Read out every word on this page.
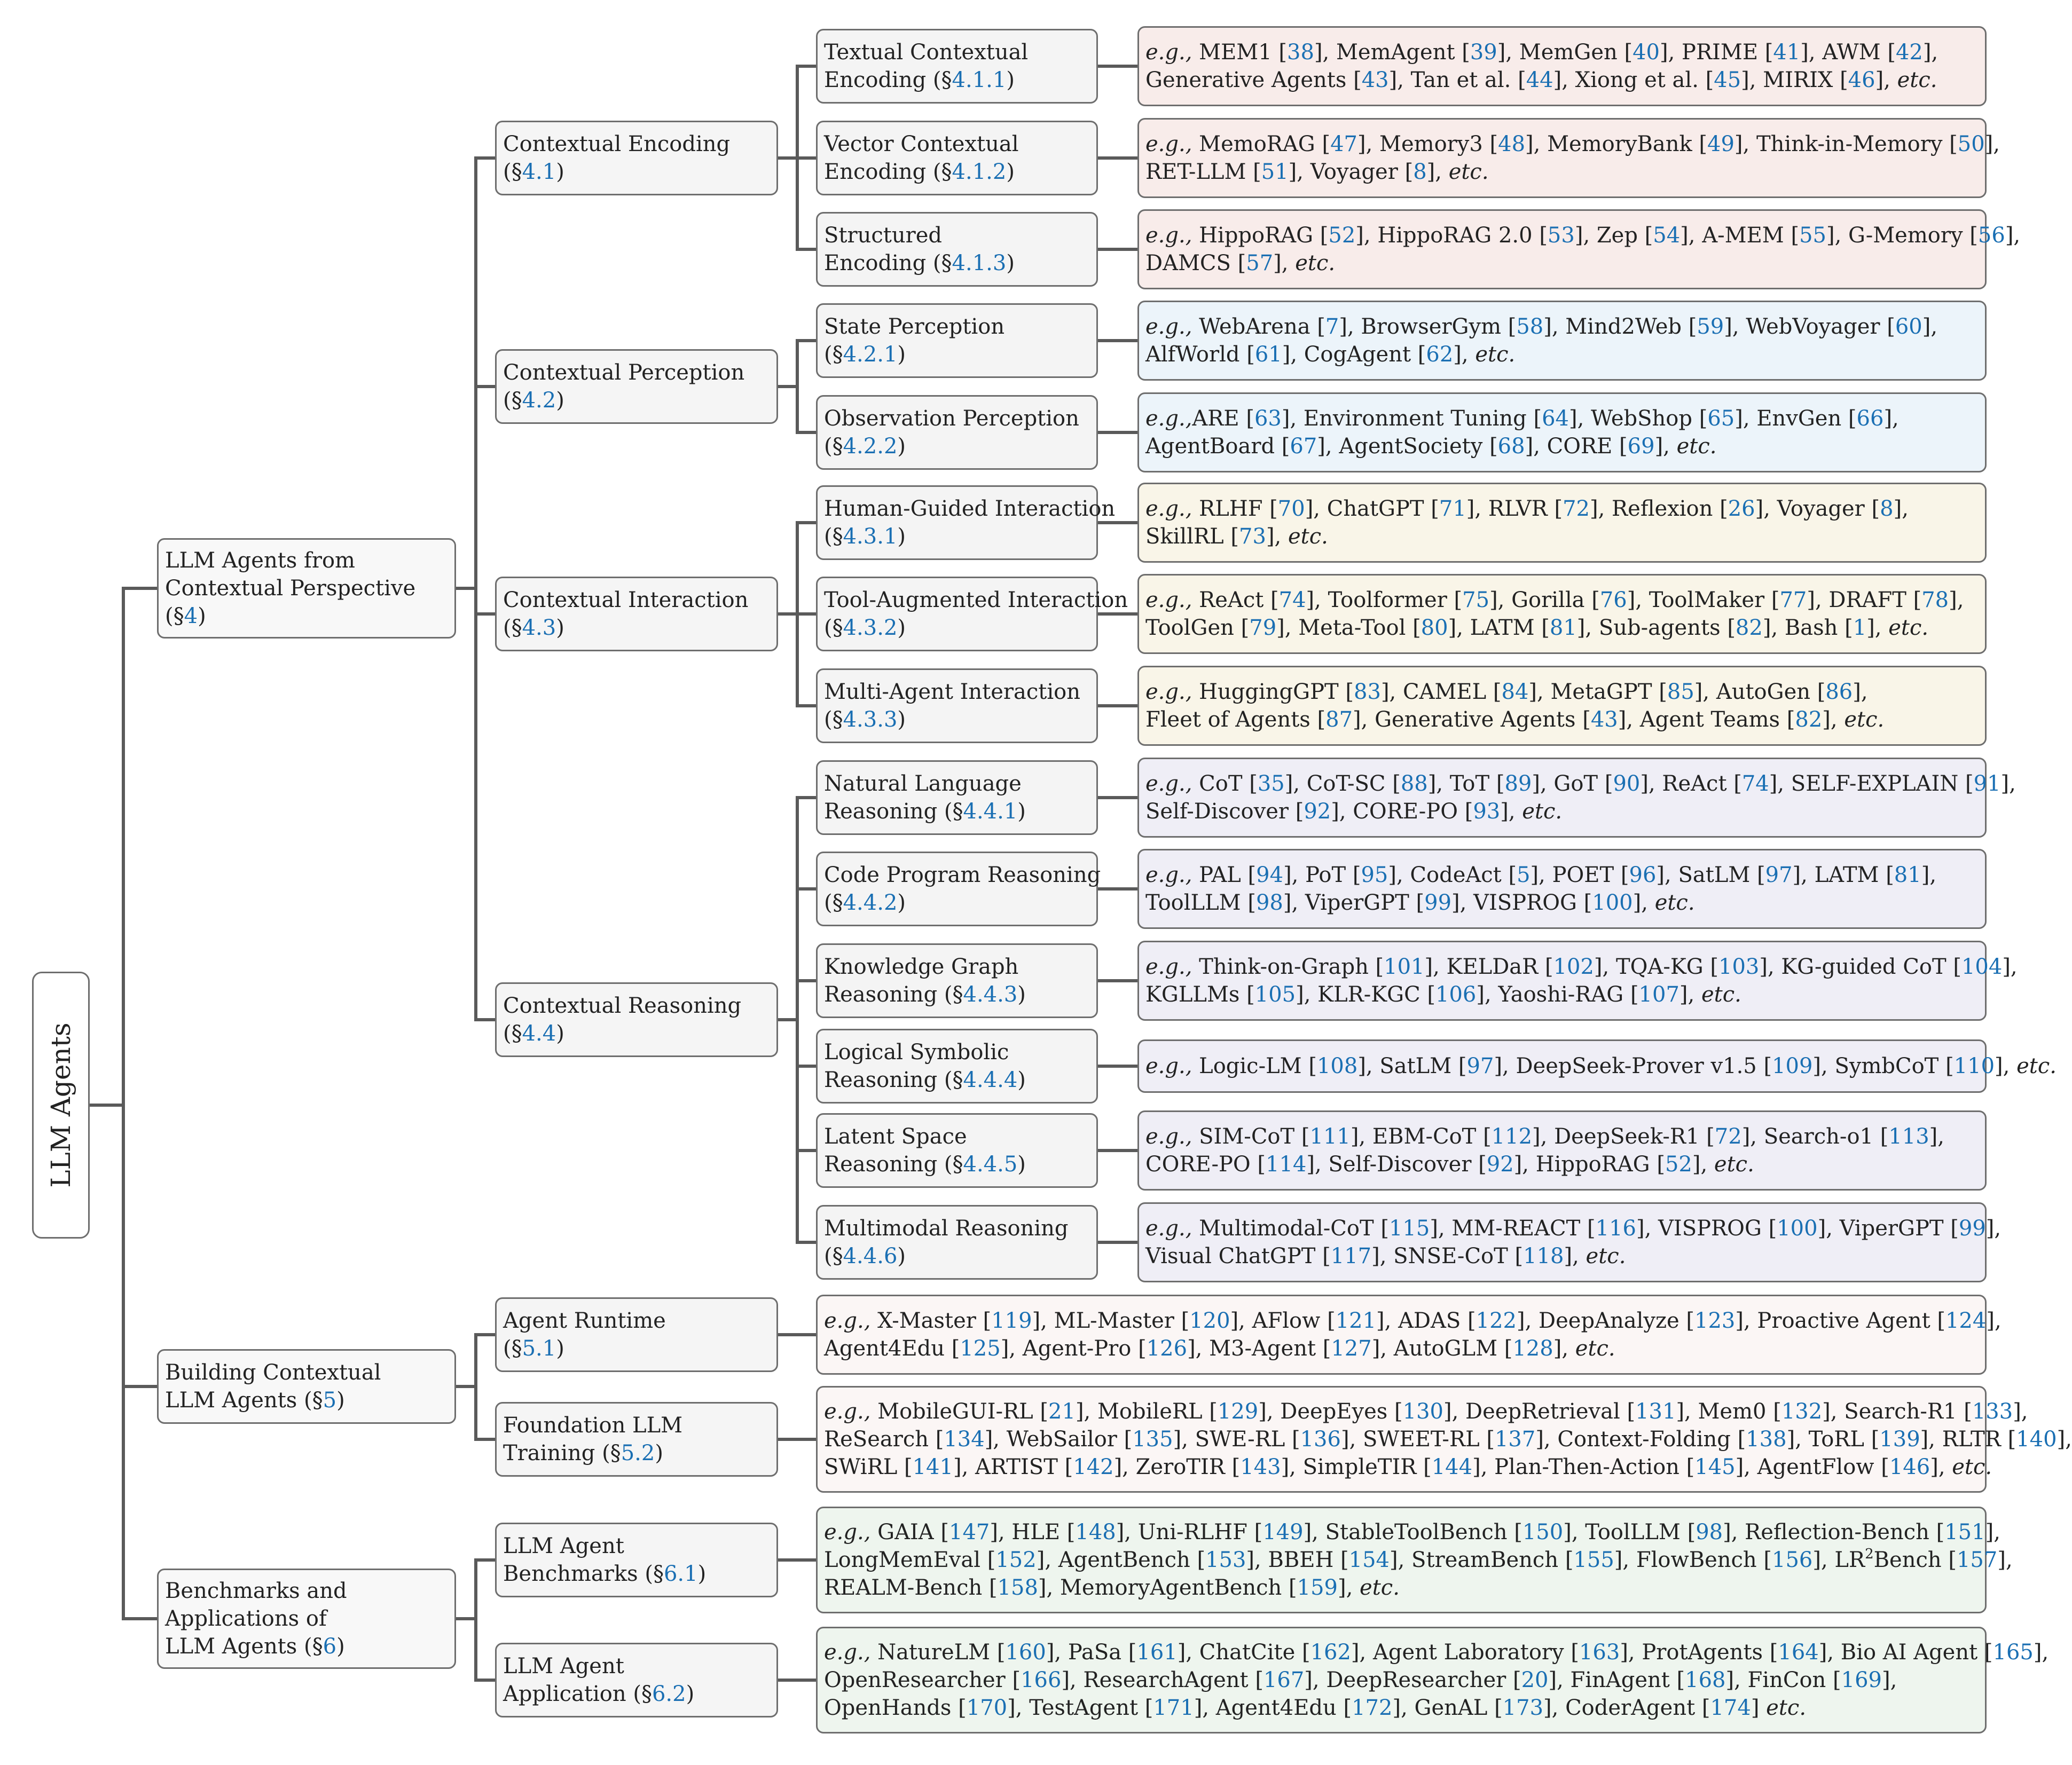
LLM Agents
LLM Agents from
Contextual Perspective
(§4)
Contextual Encoding
(§4.1)
Textual Contextual
Encoding (§4.1.1)
e.g., MEM1 [38], MemAgent [39], MemGen [40], PRIME [41], AWM [42],
Generative Agents [43], Tan et al. [44], Xiong et al. [45], MIRIX [46], etc.
Vector Contextual
Encoding (§4.1.2)
e.g., MemoRAG [47], Memory3 [48], MemoryBank [49], Think-in-Memory [50],
RET-LLM [51], Voyager [8], etc.
Structured
Encoding (§4.1.3)
e.g., HippoRAG [52], HippoRAG 2.0 [53], Zep [54], A-MEM [55], G-Memory [56],
DAMCS [57], etc.
Contextual Perception
(§4.2)
State Perception
(§4.2.1)
e.g., WebArena [7], BrowserGym [58], Mind2Web [59], WebVoyager [60],
AlfWorld [61], CogAgent [62], etc.
Observation Perception
(§4.2.2)
e.g.,ARE [63], Environment Tuning [64], WebShop [65], EnvGen [66],
AgentBoard [67], AgentSociety [68], CORE [69], etc.
Contextual Interaction
(§4.3)
Human-Guided Interaction
(§4.3.1)
e.g., RLHF [70], ChatGPT [71], RLVR [72], Reflexion [26], Voyager [8],
SkillRL [73], etc.
Tool-Augmented Interaction
(§4.3.2)
e.g., ReAct [74], Toolformer [75], Gorilla [76], ToolMaker [77], DRAFT [78],
ToolGen [79], Meta-Tool [80], LATM [81], Sub-agents [82], Bash [1], etc.
Multi-Agent Interaction
(§4.3.3)
e.g., HuggingGPT [83], CAMEL [84], MetaGPT [85], AutoGen [86],
Fleet of Agents [87], Generative Agents [43], Agent Teams [82], etc.
Contextual Reasoning
(§4.4)
Natural Language
Reasoning (§4.4.1)
e.g., CoT [35], CoT-SC [88], ToT [89], GoT [90], ReAct [74], SELF-EXPLAIN [91],
Self-Discover [92], CORE-PO [93], etc.
Code Program Reasoning
(§4.4.2)
e.g., PAL [94], PoT [95], CodeAct [5], POET [96], SatLM [97], LATM [81],
ToolLLM [98], ViperGPT [99], VISPROG [100], etc.
Knowledge Graph
Reasoning (§4.4.3)
e.g., Think-on-Graph [101], KELDaR [102], TQA-KG [103], KG-guided CoT [104],
KGLLMs [105], KLR-KGC [106], Yaoshi-RAG [107], etc.
Logical Symbolic
Reasoning (§4.4.4)
e.g., Logic-LM [108], SatLM [97], DeepSeek-Prover v1.5 [109], SymbCoT [110], etc.
Latent Space
Reasoning (§4.4.5)
e.g., SIM-CoT [111], EBM-CoT [112], DeepSeek-R1 [72], Search-o1 [113],
CORE-PO [114], Self-Discover [92], HippoRAG [52], etc.
Multimodal Reasoning
(§4.4.6)
e.g., Multimodal-CoT [115], MM-REACT [116], VISPROG [100], ViperGPT [99],
Visual ChatGPT [117], SNSE-CoT [118], etc.
Building Contextual
LLM Agents (§5)
Agent Runtime
(§5.1)
e.g., X-Master [119], ML-Master [120], AFlow [121], ADAS [122], DeepAnalyze [123], Proactive Agent [124],
Agent4Edu [125], Agent-Pro [126], M3-Agent [127], AutoGLM [128], etc.
Foundation LLM
Training (§5.2)
e.g., MobileGUI-RL [21], MobileRL [129], DeepEyes [130], DeepRetrieval [131], Mem0 [132], Search-R1 [133],
ReSearch [134], WebSailor [135], SWE-RL [136], SWEET-RL [137], Context-Folding [138], ToRL [139], RLTR [140],
SWiRL [141], ARTIST [142], ZeroTIR [143], SimpleTIR [144], Plan-Then-Action [145], AgentFlow [146], etc.
Benchmarks and
Applications of
LLM Agents (§6)
LLM Agent
Benchmarks (§6.1)
e.g., GAIA [147], HLE [148], Uni-RLHF [149], StableToolBench [150], ToolLLM [98], Reflection-Bench [151],
LongMemEval [152], AgentBench [153], BBEH [154], StreamBench [155], FlowBench [156], $LR^2Bench$ [157],
REALM-Bench [158], MemoryAgentBench [159], etc.
LLM Agent
Application (§6.2)
e.g., NatureLM [160], PaSa [161], ChatCite [162], Agent Laboratory [163], ProtAgents [164], Bio AI Agent [165],
OpenResearcher [166], ResearchAgent [167], DeepResearcher [20], FinAgent [168], FinCon [169],
OpenHands [170], TestAgent [171], Agent4Edu [172], GenAL [173], CoderAgent [174] etc.
